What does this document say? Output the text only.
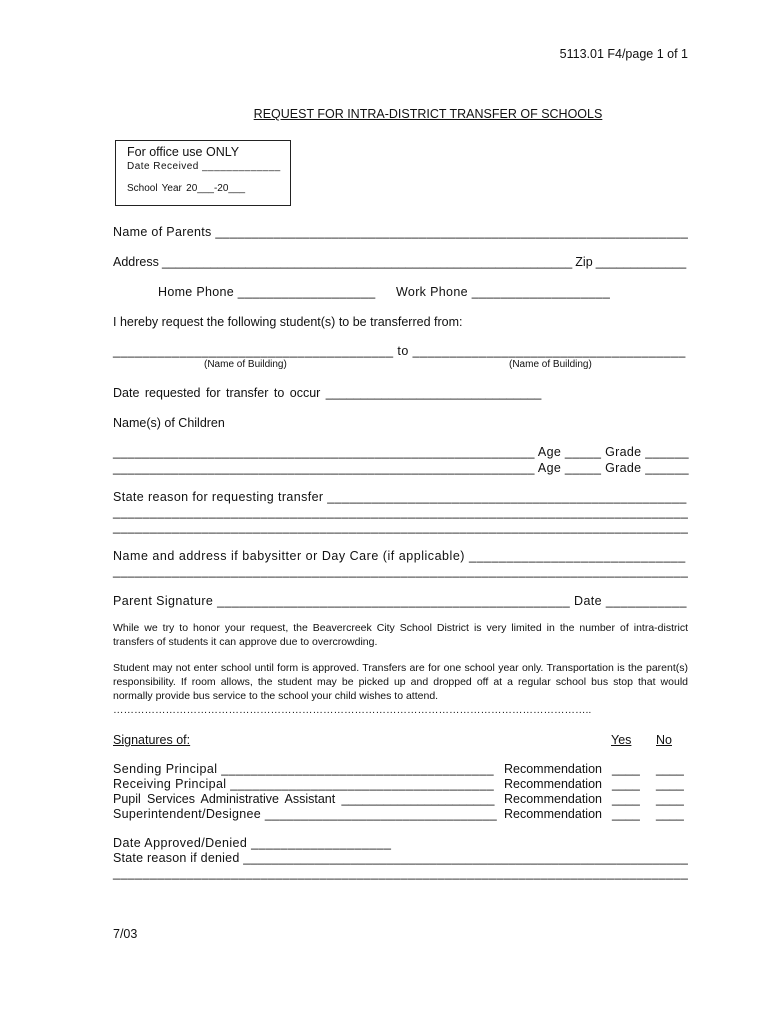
5113.01 F4/page 1 of 1
REQUEST FOR INTRA-DISTRICT TRANSFER OF SCHOOLS
For office use ONLY
Date Received _____________
School Year 20___-20___
Name of Parents _________________________________________________________________
Address ___________________________________________________________ Zip _____________
Home Phone ___________________ Work Phone ___________________
I hereby request the following student(s) to be transferred from:
______________________________________ to _____________________________________
(Name of Building)	(Name of Building)
Date requested for transfer to occur _______________________________
Name(s) of Children
__________________________________________________________ Age _____ Grade ______
__________________________________________________________ Age _____ Grade ______
State reason for requesting transfer _________________________________________________
______________________________________________________________________________
______________________________________________________________________________
Name and address if babysitter or Day Care (if applicable) _____________________________
______________________________________________________________________________
Parent Signature ________________________________________________ Date ___________
While we try to honor your request, the Beavercreek City School District is very limited in the number of intra-district transfers of students it can approve due to overcrowding.
Student may not enter school until form is approved. Transfers are for one school year only. Transportation is the parent(s) responsibility. If room allows, the student may be picked up and dropped off at a regular school bus stop that would normally provide bus service to the school your child wishes to attend.
………………………………………………………………………………………………………………………..
Signatures of:	Yes No
Sending Principal _____________________________________ Recommendation ____ ____
Receiving Principal ____________________________________ Recommendation ____ ____
Pupil Services Administrative Assistant ______________________ Recommendation ____ ____
Superintendent/Designee ________________________________ Recommendation ____ ____
Date Approved/Denied ___________________
State reason if denied ______________________________________________________________
______________________________________________________________________________
7/03
